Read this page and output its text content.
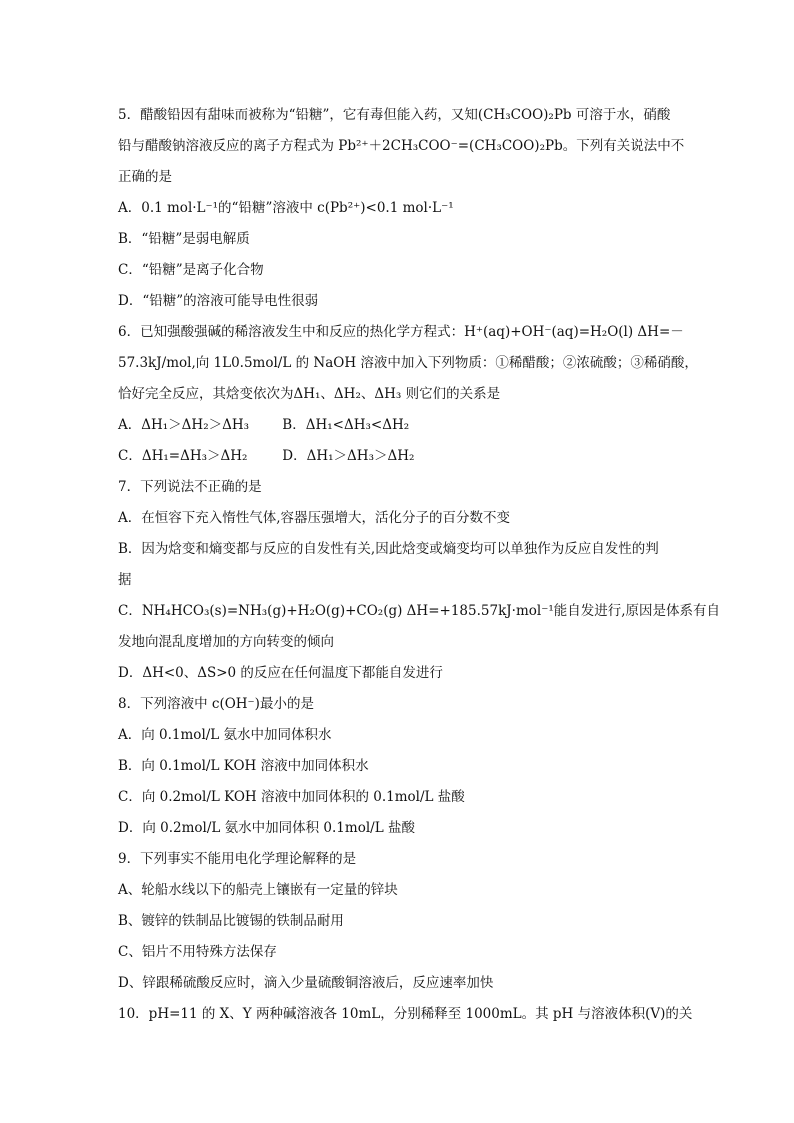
5．醋酸铅因有甜味而被称为“铅糖”，它有毒但能入药，又知(CH₃COO)₂Pb 可溶于水，硝酸
铅与醋酸钠溶液反应的离子方程式为 Pb²⁺＋2CH₃COO⁻=(CH₃COO)₂Pb。下列有关说法中不
正确的是
A．0.1 mol·L⁻¹的“铅糖”溶液中 c(Pb²⁺)<0.1 mol·L⁻¹
B．“铅糖”是弱电解质
C．“铅糖”是离子化合物
D．“铅糖”的溶液可能导电性很弱
6．已知强酸强碱的稀溶液发生中和反应的热化学方程式：H⁺(aq)+OH⁻(aq)=H₂O(l) ΔH=－
57.3kJ/mol,向 1L0.5mol/L 的 NaOH 溶液中加入下列物质：①稀醋酸；②浓硫酸；③稀硝酸，
恰好完全反应，其焓变依次为ΔH₁、ΔH₂、ΔH₃ 则它们的关系是
A．ΔH₁＞ΔH₂＞ΔH₃ B．ΔH₁<ΔH₃<ΔH₂
C．ΔH₁=ΔH₃＞ΔH₂	D．ΔH₁＞ΔH₃＞ΔH₂
7．下列说法不正确的是
A．在恒容下充入惰性气体,容器压强增大，活化分子的百分数不变
B．因为焓变和熵变都与反应的自发性有关,因此焓变或熵变均可以单独作为反应自发性的判
据
C．NH₄HCO₃(s)=NH₃(g)+H₂O(g)+CO₂(g) ΔH=+185.57kJ·mol⁻¹能自发进行,原因是体系有自
发地向混乱度增加的方向转变的倾向
D．ΔH<0、ΔS>0 的反应在任何温度下都能自发进行
8．下列溶液中 c(OH⁻)最小的是
A．向 0.1mol/L 氨水中加同体积水
B．向 0.1mol/L KOH 溶液中加同体积水
C．向 0.2mol/L KOH 溶液中加同体积的 0.1mol/L 盐酸
D．向 0.2mol/L 氨水中加同体积 0.1mol/L 盐酸
9．下列事实不能用电化学理论解释的是
A、轮船水线以下的船壳上镶嵌有一定量的锌块
B、镀锌的铁制品比镀锡的铁制品耐用
C、铝片不用特殊方法保存
D、锌跟稀硫酸反应时，滴入少量硫酸铜溶液后，反应速率加快
10．pH=11 的 X、Y 两种碱溶液各 10mL，分别稀释至 1000mL。其 pH 与溶液体积(V)的关
